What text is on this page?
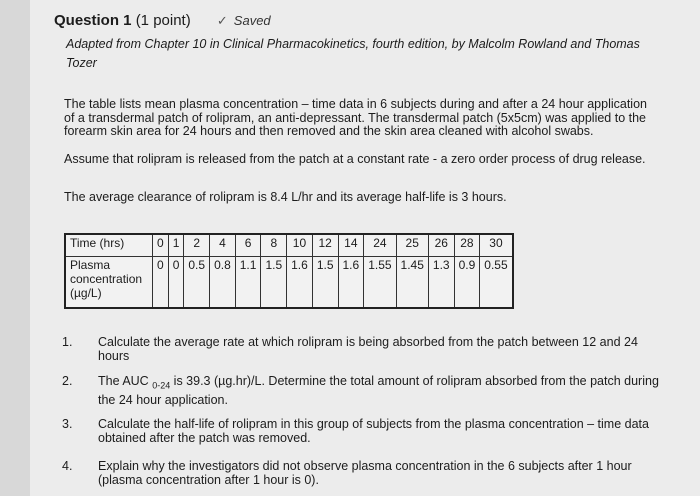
Question 1 (1 point) ✓ Saved
Adapted from Chapter 10 in Clinical Pharmacokinetics, fourth edition, by Malcolm Rowland and Thomas Tozer
The table lists mean plasma concentration – time data in 6 subjects during and after a 24 hour application of a transdermal patch of rolipram, an anti-depressant. The transdermal patch (5x5cm) was applied to the forearm skin area for 24 hours and then removed and the skin area cleaned with alcohol swabs.
Assume that rolipram is released from the patch at a constant rate - a zero order process of drug release.
The average clearance of rolipram is 8.4 L/hr and its average half-life is 3 hours.
Time (hrs)	0	1	2	4	6	8	10	12	14	24	25	26	28	30
Plasma concentration (µg/L)	0	0	0.5	0.8	1.1	1.5	1.6	1.5	1.6	1.55	1.45	1.3	0.9	0.55
1. Calculate the average rate at which rolipram is being absorbed from the patch between 12 and 24 hours
2. The AUC $_{0-24}$ is 39.3 (µg.hr)/L. Determine the total amount of rolipram absorbed from the patch during the 24 hour application.
3. Calculate the half-life of rolipram in this group of subjects from the plasma concentration – time data obtained after the patch was removed.
4. Explain why the investigators did not observe plasma concentration in the 6 subjects after 1 hour (plasma concentration after 1 hour is 0).
